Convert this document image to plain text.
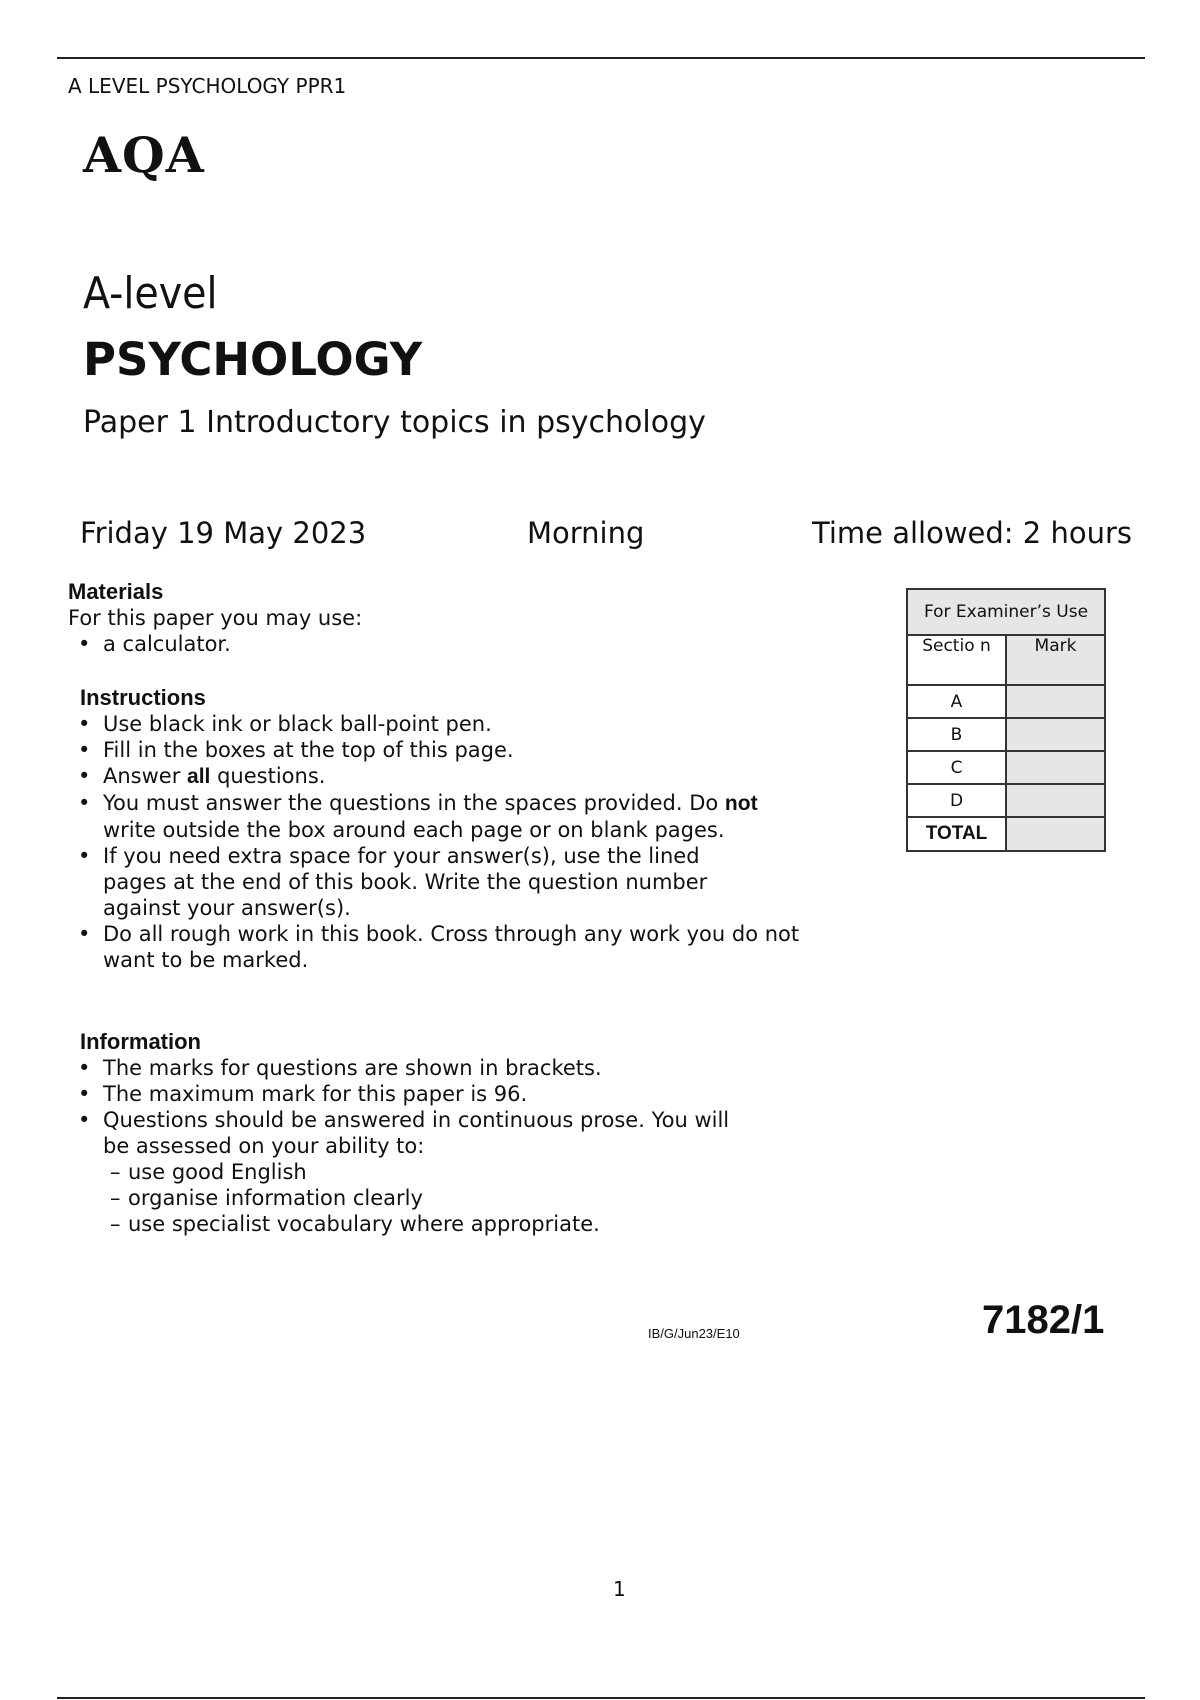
A LEVEL PSYCHOLOGY PPR1
AQA
A-level
PSYCHOLOGY
Paper 1 Introductory topics in psychology
Friday 19 May 2023	Morning	Time allowed: 2 hours
Materials
For this paper you may use:
• a calculator.
Instructions
• Use black ink or black ball-point pen.
• Fill in the boxes at the top of this page.
• Answer all questions.
• You must answer the questions in the spaces provided. Do not write outside the box around each page or on blank pages.
• If you need extra space for your answer(s), use the lined pages at the end of this book. Write the question number against your answer(s).
• Do all rough work in this book. Cross through any work you do not want to be marked.
Information
• The marks for questions are shown in brackets.
• The maximum mark for this paper is 96.
• Questions should be answered in continuous prose. You will be assessed on your ability to:
– use good English
– organise information clearly
– use specialist vocabulary where appropriate.
For Examiner’s Use	
Sectio n	Mark
A	
B	
C	
D	
TOTAL	
IB/G/Jun23/E10	7182/1
1
